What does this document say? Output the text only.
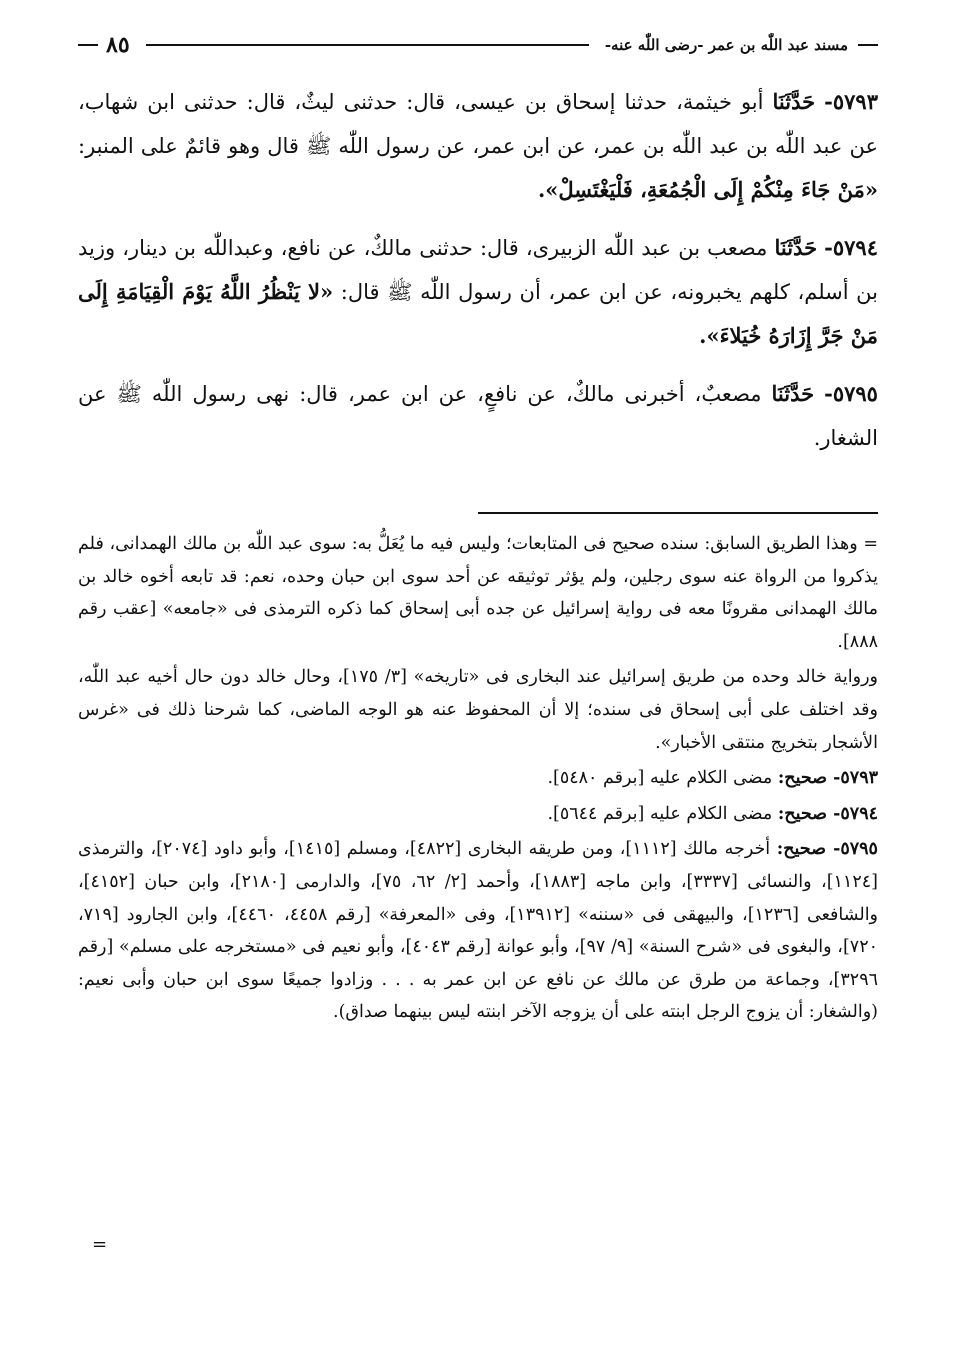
٨٥	مسند عبد اللّٰه بن عمر -رضى اللّٰه عنه-

٥٧٩٣- حَدَّثَنَا أبو خيثمة، حدثنا إسحاق بن عيسى، قال: حدثنى ليثٌ، قال: حدثنى ابن شهاب، عن عبد اللّٰه بن عبد اللّٰه بن عمر، عن ابن عمر، عن رسول اللّٰه ﷺ قال وهو قائمٌ على المنبر: «مَنْ جَاءَ مِنْكُمْ إِلَى الْجُمُعَةِ، فَلْيَغْتَسِلْ».

٥٧٩٤- حَدَّثَنَا مصعب بن عبد اللّٰه الزبيرى، قال: حدثنى مالكٌ، عن نافع، وعبداللّٰه بن دينار، وزيد بن أسلم، كلهم يخبرونه، عن ابن عمر، أن رسول اللّٰه ﷺ قال: «لا يَنْظُرُ اللَّهُ يَوْمَ الْقِيَامَةِ إِلَى مَنْ جَرَّ إِزَارَهُ خُيَلاءَ».

٥٧٩٥- حَدَّثَنَا مصعبٌ، أخبرنى مالكٌ، عن نافعٍ، عن ابن عمر، قال: نهى رسول اللّٰه ﷺ عن الشغار.

= وهذا الطريق السابق: سنده صحيح فى المتابعات؛ وليس فيه ما يُعَلُّ به: سوى عبد اللّٰه بن مالك الهمدانى، فلم يذكروا من الرواة عنه سوى رجلين، ولم يؤثر توثيقه عن أحد سوى ابن حبان وحده، نعم: قد تابعه أخوه خالد بن مالك الهمدانى مقرونًا معه فى رواية إسرائيل عن جده أبى إسحاق كما ذكره الترمذى فى «جامعه» [عقب رقم ٨٨٨].

ورواية خالد وحده من طريق إسرائيل عند البخارى فى «تاريخه» [٣/ ١٧٥]، وحال خالد دون حال أخيه عبد اللّٰه، وقد اختلف على أبى إسحاق فى سنده؛ إلا أن المحفوظ عنه هو الوجه الماضى، كما شرحنا ذلك فى «غرس الأشجار بتخريج منتقى الأخبار».

٥٧٩٣- صحيح: مضى الكلام عليه [برقم ٥٤٨٠].

٥٧٩٤- صحيح: مضى الكلام عليه [برقم ٥٦٤٤].

٥٧٩٥- صحيح: أخرجه مالك [١١١٢]، ومن طريقه البخارى [٤٨٢٢]، ومسلم [١٤١٥]، وأبو داود [٢٠٧٤]، والترمذى [١١٢٤]، والنسائى [٣٣٣٧]، وابن ماجه [١٨٨٣]، وأحمد [٢/ ٦٢، ٧٥]، والدارمى [٢١٨٠]، وابن حبان [٤١٥٢]، والشافعى [١٢٣٦]، والبيهقى فى «سننه» [١٣٩١٢]، وفى «المعرفة» [رقم ٤٤٥٨، ٤٤٦٠]، وابن الجارود [٧١٩، ٧٢٠]، والبغوى فى «شرح السنة» [٩/ ٩٧]، وأبو عوانة [رقم ٤٠٤٣]، وأبو نعيم فى «مستخرجه على مسلم» [رقم ٣٢٩٦]، وجماعة من طرق عن مالك عن نافع عن ابن عمر به . . . وزادوا جميعًا سوى ابن حبان وأبى نعيم: (والشغار: أن يزوج الرجل ابنته على أن يزوجه الآخر ابنته ليس بينهما صداق).

=
